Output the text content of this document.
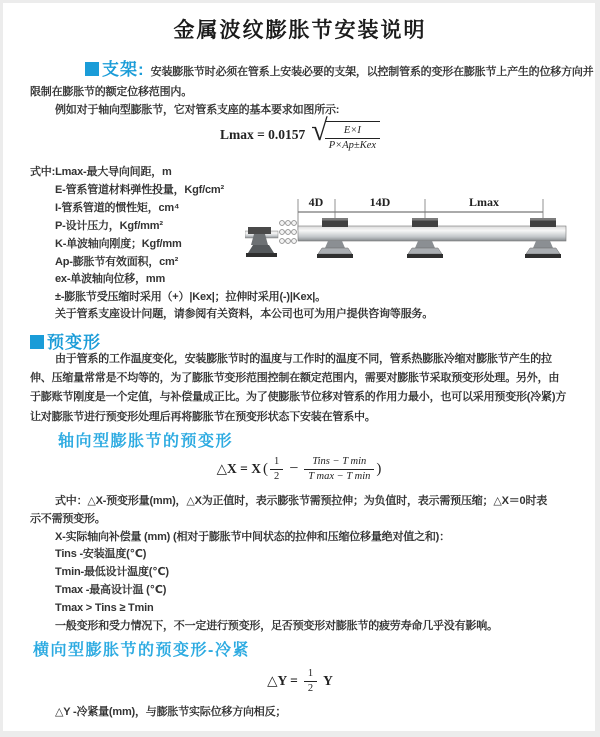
金属波纹膨胀节安装说明
支架: 安装膨胀节时必须在管系上安装必要的支架，以控制管系的变形在膨胀节上产生的位移方向并
限制在膨胀节的额定位移范围内。
例如对于轴向型膨胀节，它对管系支座的基本要求如图所示:
Lmax = 0.0157 √
$\frac{E\times I}{\text{P×Ap±Kex}}$
式中:Lmax-最大导向间距，m
E-管系管道材料弹性投量，Kgf/cm²
I-管系管道的惯性矩，cm⁴
P-设计压力，Kgf/mm²
K-单波轴向刚度；Kgf/mm
Ap-膨胀节有效面积，cm²
ex-单波轴向位移，mm
±-膨胀节受压缩时采用（+）|Kex|；拉伸时采用(-)|Kex|。
4D	14D	Lmax
关于管系支座设计问题，请参阅有关资料，本公司也可为用户提供咨询等服务。
预变形
由于管系的工作温度变化，安装膨胀节时的温度与工作时的温度不同，管系热膨胀冷缩对膨胀节产生的拉
伸、压缩量常常是不均等的，为了膨胀节变形范围控制在额定范围内，需要对膨胀节采取预变形处理。另外，由
于膨账节刚度是一个定值，与补偿量成正比。为了使膨胀节位移对管系的作用力最小，也可以采用预变形(冷紧)方
让对膨胀节进行预变形处理后再将膨胀节在预变形状态下安装在管系中。
轴向型膨胀节的预变形
△X = X ( $\frac{1}{2} - \frac{\text{Tins − T min}}{\text{T max − T min}}$ )
式中：△X-预变形量(mm)，△X为正值时，表示膨张节需预拉伸；为负值时，表示需预压缩；△X＝0时表
示不需预变形。
X-实际轴向补偿量 (mm) (相对于膨胀节中间状态的拉伸和压缩位移量绝对值之和)：
Tins -安装温度(℃)
Tmin-最低设计温度(℃)
Tmax -最高设计温 (℃)
Tmax > Tins ≥ Tmin
一般变形和受力情况下，不一定进行预变形，足否预变形对膨胀节的疲劳寿命几乎没有影响。
横向型膨胀节的预变形-冷紧
△Y = $\frac{1}{2}$ Y
△Y -冷紧量(mm)，与膨胀节实际位移方向相反；
